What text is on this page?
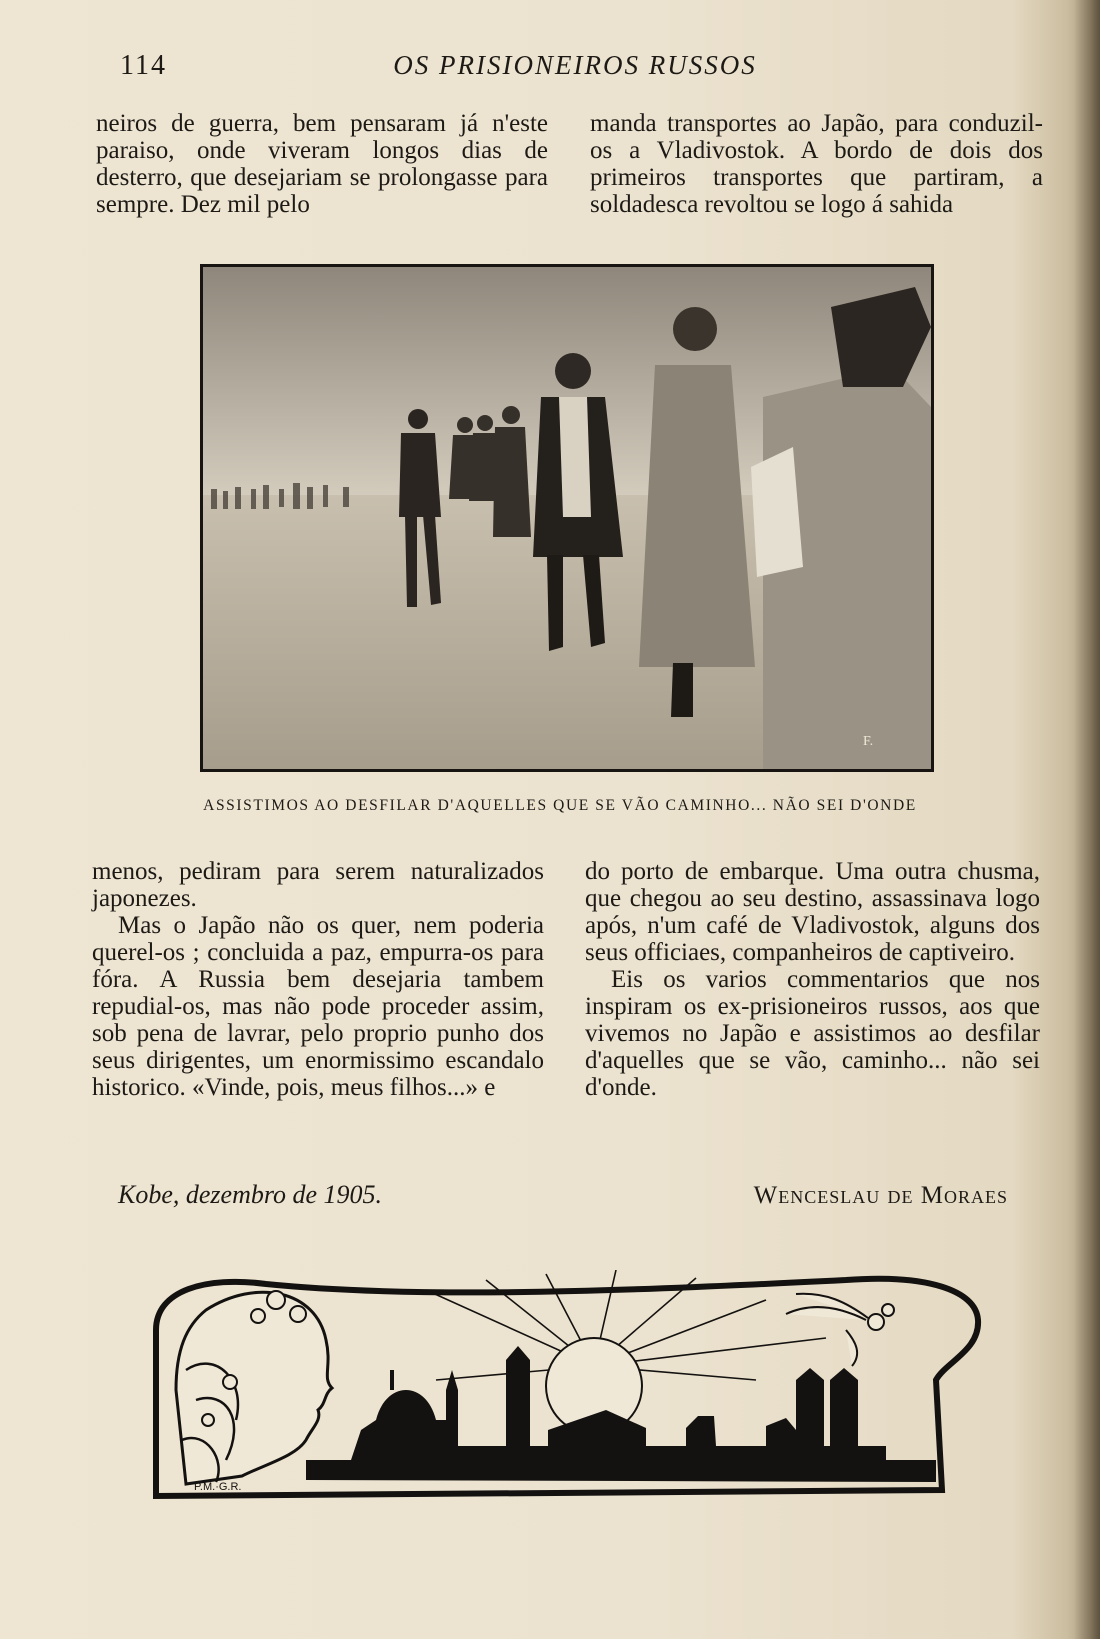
114	OS PRISIONEIROS RUSSOS

neiros de guerra, bem pensaram já n'este paraiso, onde viveram longos dias de desterro, que desejariam se prolongasse para sempre. Dez mil pelo

manda transportes ao Japão, para conduzil-os a Vladivostok. A bordo de dois dos primeiros transportes que partiram, a soldadesca revoltou se logo á sahida

F.
ASSISTIMOS AO DESFILAR D'AQUELLES QUE SE VÃO CAMINHO... NÃO SEI D'ONDE

menos, pediram para serem naturalizados japonezes.

Mas o Japão não os quer, nem poderia querel-os ; concluida a paz, empurra-os para fóra. A Russia bem desejaria tambem repudial-os, mas não pode proceder assim, sob pena de lavrar, pelo proprio punho dos seus dirigentes, um enormissimo escandalo historico. «Vinde, pois, meus filhos...» e

do porto de embarque. Uma outra chusma, que chegou ao seu destino, assassinava logo após, n'um café de Vladivostok, alguns dos seus officiaes, companheiros de captiveiro.

Eis os varios commentarios que nos inspiram os ex-prisioneiros russos, aos que vivemos no Japão e assistimos ao desfilar d'aquelles que se vão, caminho... não sei d'onde.

Kobe, dezembro de 1905.	Wenceslau de Moraes
P.M.·G.R.
